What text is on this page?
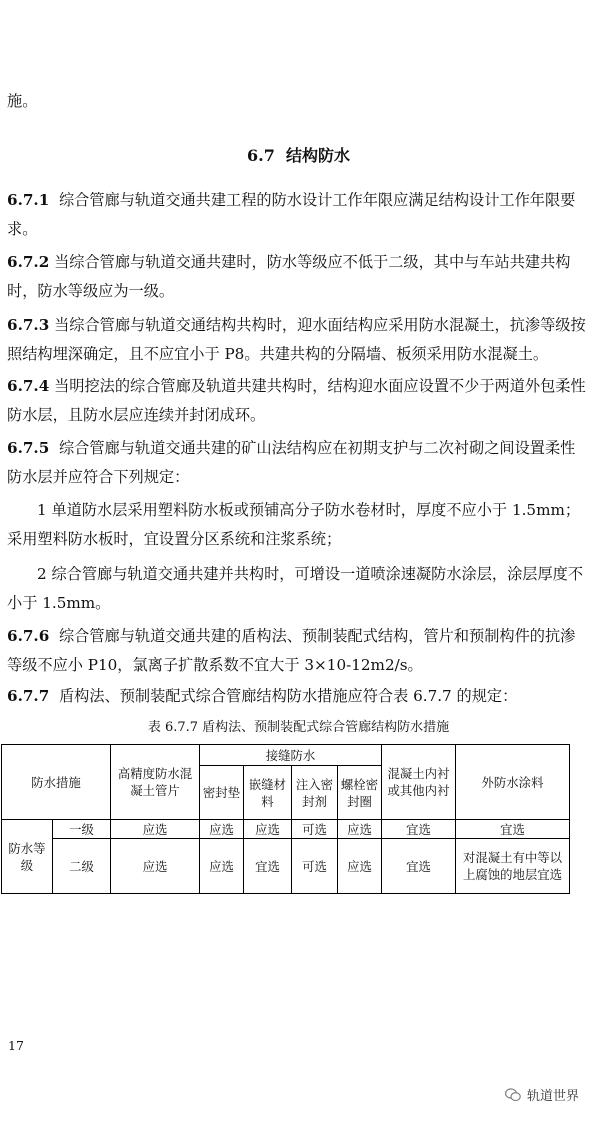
施。

6.7 结构防水

6.7.1 综合管廊与轨道交通共建工程的防水设计工作年限应满足结构设计工作年限要求。

6.7.2 当综合管廊与轨道交通共建时，防水等级应不低于二级，其中与车站共建共构时，防水等级应为一级。

6.7.3 当综合管廊与轨道交通结构共构时，迎水面结构应采用防水混凝土，抗渗等级按照结构埋深确定，且不应宜小于 P8。共建共构的分隔墙、板须采用防水混凝土。

6.7.4 当明挖法的综合管廊及轨道共建共构时，结构迎水面应设置不少于两道外包柔性防水层，且防水层应连续并封闭成环。

6.7.5 综合管廊与轨道交通共建的矿山法结构应在初期支护与二次衬砌之间设置柔性防水层并应符合下列规定：

1 单道防水层采用塑料防水板或预铺高分子防水卷材时，厚度不应小于 1.5mm；采用塑料防水板时，宜设置分区系统和注浆系统；

2 综合管廊与轨道交通共建并共构时，可增设一道喷涂速凝防水涂层，涂层厚度不小于 1.5mm。

6.7.6 综合管廊与轨道交通共建的盾构法、预制装配式结构，管片和预制构件的抗渗等级不应小 P10，氯离子扩散系数不宜大于 3×10-12m2/s。

6.7.7 盾构法、预制装配式综合管廊结构防水措施应符合表 6.7.7 的规定：

表 6.7.7 盾构法、预制装配式综合管廊结构防水措施
防水措施		高精度防水混凝土管片	接缝防水				混凝土内衬或其他内衬	外防水涂料
			密封垫	嵌缝材料	注入密封剂	螺栓密封圈		
防水等级	一级	应选	应选	应选	可选	应选	宜选	宜选
	二级	应选	应选	宜选	可选	应选	宜选	对混凝土有中等以上腐蚀的地层宜选
17
轨道世界
